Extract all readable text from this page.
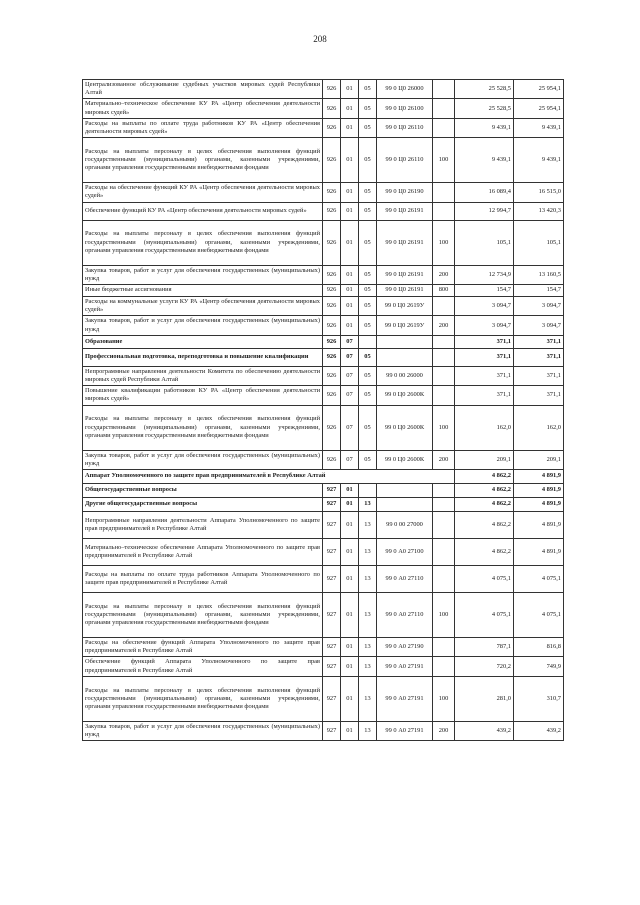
208
Централизованное обслуживание судебных участков мировых судей Республики Алтай	926	01	05	99 0 Ц0 26000		25 528,5	25 954,1
Материально–техническое обеспечение КУ РА «Центр обеспечения деятельности мировых судей»	926	01	05	99 0 Ц0 26100		25 528,5	25 954,1
Расходы на выплаты по оплате труда работников КУ РА «Центр обеспечения деятельности мировых судей»	926	01	05	99 0 Ц0 26110		9 439,1	9 439,1
Расходы на выплаты персоналу в целях обеспечения выполнения функций государственными (муниципальными) органами, казенными учреждениями, органами управления государственными внебюджетными фондами	926	01	05	99 0 Ц0 26110	100	9 439,1	9 439,1
Расходы на обеспечение функций КУ РА «Центр обеспечения деятельности мировых судей»	926	01	05	99 0 Ц0 26190		16 089,4	16 515,0
Обеспечение функций КУ РА «Центр обеспечения деятельности мировых судей»	926	01	05	99 0 Ц0 26191		12 994,7	13 420,3
Расходы на выплаты персоналу в целях обеспечения выполнения функций государственными (муниципальными) органами, казенными учреждениями, органами управления государственными внебюджетными фондами	926	01	05	99 0 Ц0 26191	100	105,1	105,1
Закупка товаров, работ и услуг для обеспечения государственных (муниципальных) нужд	926	01	05	99 0 Ц0 26191	200	12 734,9	13 160,5
Иные бюджетные ассигнования	926	01	05	99 0 Ц0 26191	800	154,7	154,7
Расходы на коммунальные услуги КУ РА «Центр обеспечения деятельности мировых судей»	926	01	05	99 0 Ц0 2619У		3 094,7	3 094,7
Закупка товаров, работ и услуг для обеспечения государственных (муниципальных) нужд	926	01	05	99 0 Ц0 2619У	200	3 094,7	3 094,7
Образование	926	07				371,1	371,1
Профессиональная подготовка, переподготовка и повышение квалификации	926	07	05			371,1	371,1
Непрограммные направления деятельности Комитета по обеспечению деятельности мировых судей Республики Алтай	926	07	05	99 0 00 26000		371,1	371,1
Повышение квалификации работников КУ РА «Центр обеспечения деятельности мировых судей»	926	07	05	99 0 Ц0 2600К		371,1	371,1
Расходы на выплаты персоналу в целях обеспечения выполнения функций государственными (муниципальными) органами, казенными учреждениями, органами управления государственными внебюджетными фондами	926	07	05	99 0 Ц0 2600К	100	162,0	162,0
Закупка товаров, работ и услуг для обеспечения государственных (муниципальных) нужд	926	07	05	99 0 Ц0 2600К	200	209,1	209,1
Аппарат Уполномоченного по защите прав предпринимателей в Республике Алтай						4 862,2	4 891,9
Общегосударственные вопросы	927	01				4 862,2	4 891,9
Другие общегосударственные вопросы	927	01	13			4 862,2	4 891,9
Непрограммные направления деятельности Аппарата Уполномоченного по защите прав предпринимателей в Республике Алтай	927	01	13	99 0 00 27000		4 862,2	4 891,9
Материально–техническое обеспечение Аппарата Уполномоченного по защите прав предпринимателей в Республике Алтай	927	01	13	99 0 А0 27100		4 862,2	4 891,9
Расходы на выплаты по оплате труда работников Аппарата Уполномоченного по защите прав предпринимателей в Республике Алтай	927	01	13	99 0 А0 27110		4 075,1	4 075,1
Расходы на выплаты персоналу в целях обеспечения выполнения функций государственными (муниципальными) органами, казенными учреждениями, органами управления государственными внебюджетными фондами	927	01	13	99 0 А0 27110	100	4 075,1	4 075,1
Расходы на обеспечение функций Аппарата Уполномоченного по защите прав предпринимателей в Республике Алтай	927	01	13	99 0 А0 27190		787,1	816,8
Обеспечение функций Аппарата Уполномоченного по защите прав предпринимателей в Республике Алтай	927	01	13	99 0 А0 27191		720,2	749,9
Расходы на выплаты персоналу в целях обеспечения выполнения функций государственными (муниципальными) органами, казенными учреждениями, органами управления государственными внебюджетными фондами	927	01	13	99 0 А0 27191	100	281,0	310,7
Закупка товаров, работ и услуг для обеспечения государственных (муниципальных) нужд	927	01	13	99 0 А0 27191	200	439,2	439,2
